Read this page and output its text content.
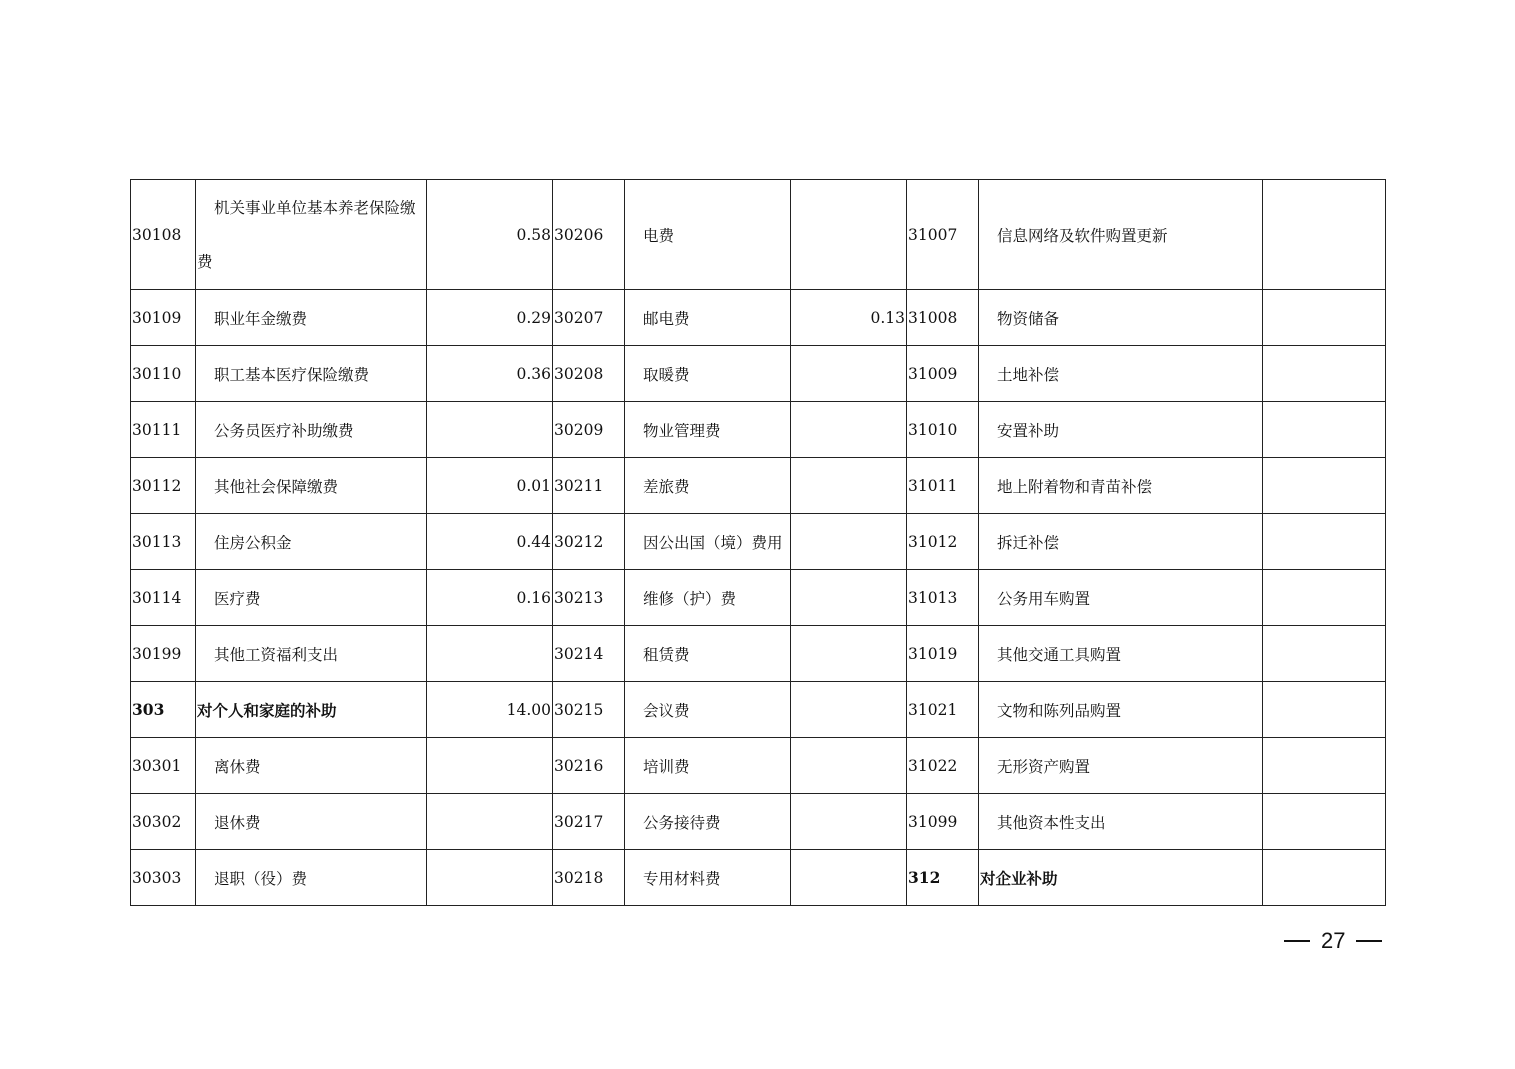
30108	机关事业单位基本养老保险缴
费	0.58	30206	电费		31007	信息网络及软件购置更新	
30109	职业年金缴费	0.29	30207	邮电费	0.13	31008	物资储备	
30110	职工基本医疗保险缴费	0.36	30208	取暖费		31009	土地补偿	
30111	公务员医疗补助缴费		30209	物业管理费		31010	安置补助	
30112	其他社会保障缴费	0.01	30211	差旅费		31011	地上附着物和青苗补偿	
30113	住房公积金	0.44	30212	因公出国（境）费用		31012	拆迁补偿	
30114	医疗费	0.16	30213	维修（护）费		31013	公务用车购置	
30199	其他工资福利支出		30214	租赁费		31019	其他交通工具购置	
303	对个人和家庭的补助	14.00	30215	会议费		31021	文物和陈列品购置	
30301	离休费		30216	培训费		31022	无形资产购置	
30302	退休费		30217	公务接待费		31099	其他资本性支出	
30303	退职（役）费		30218	专用材料费		312	对企业补助	
27
